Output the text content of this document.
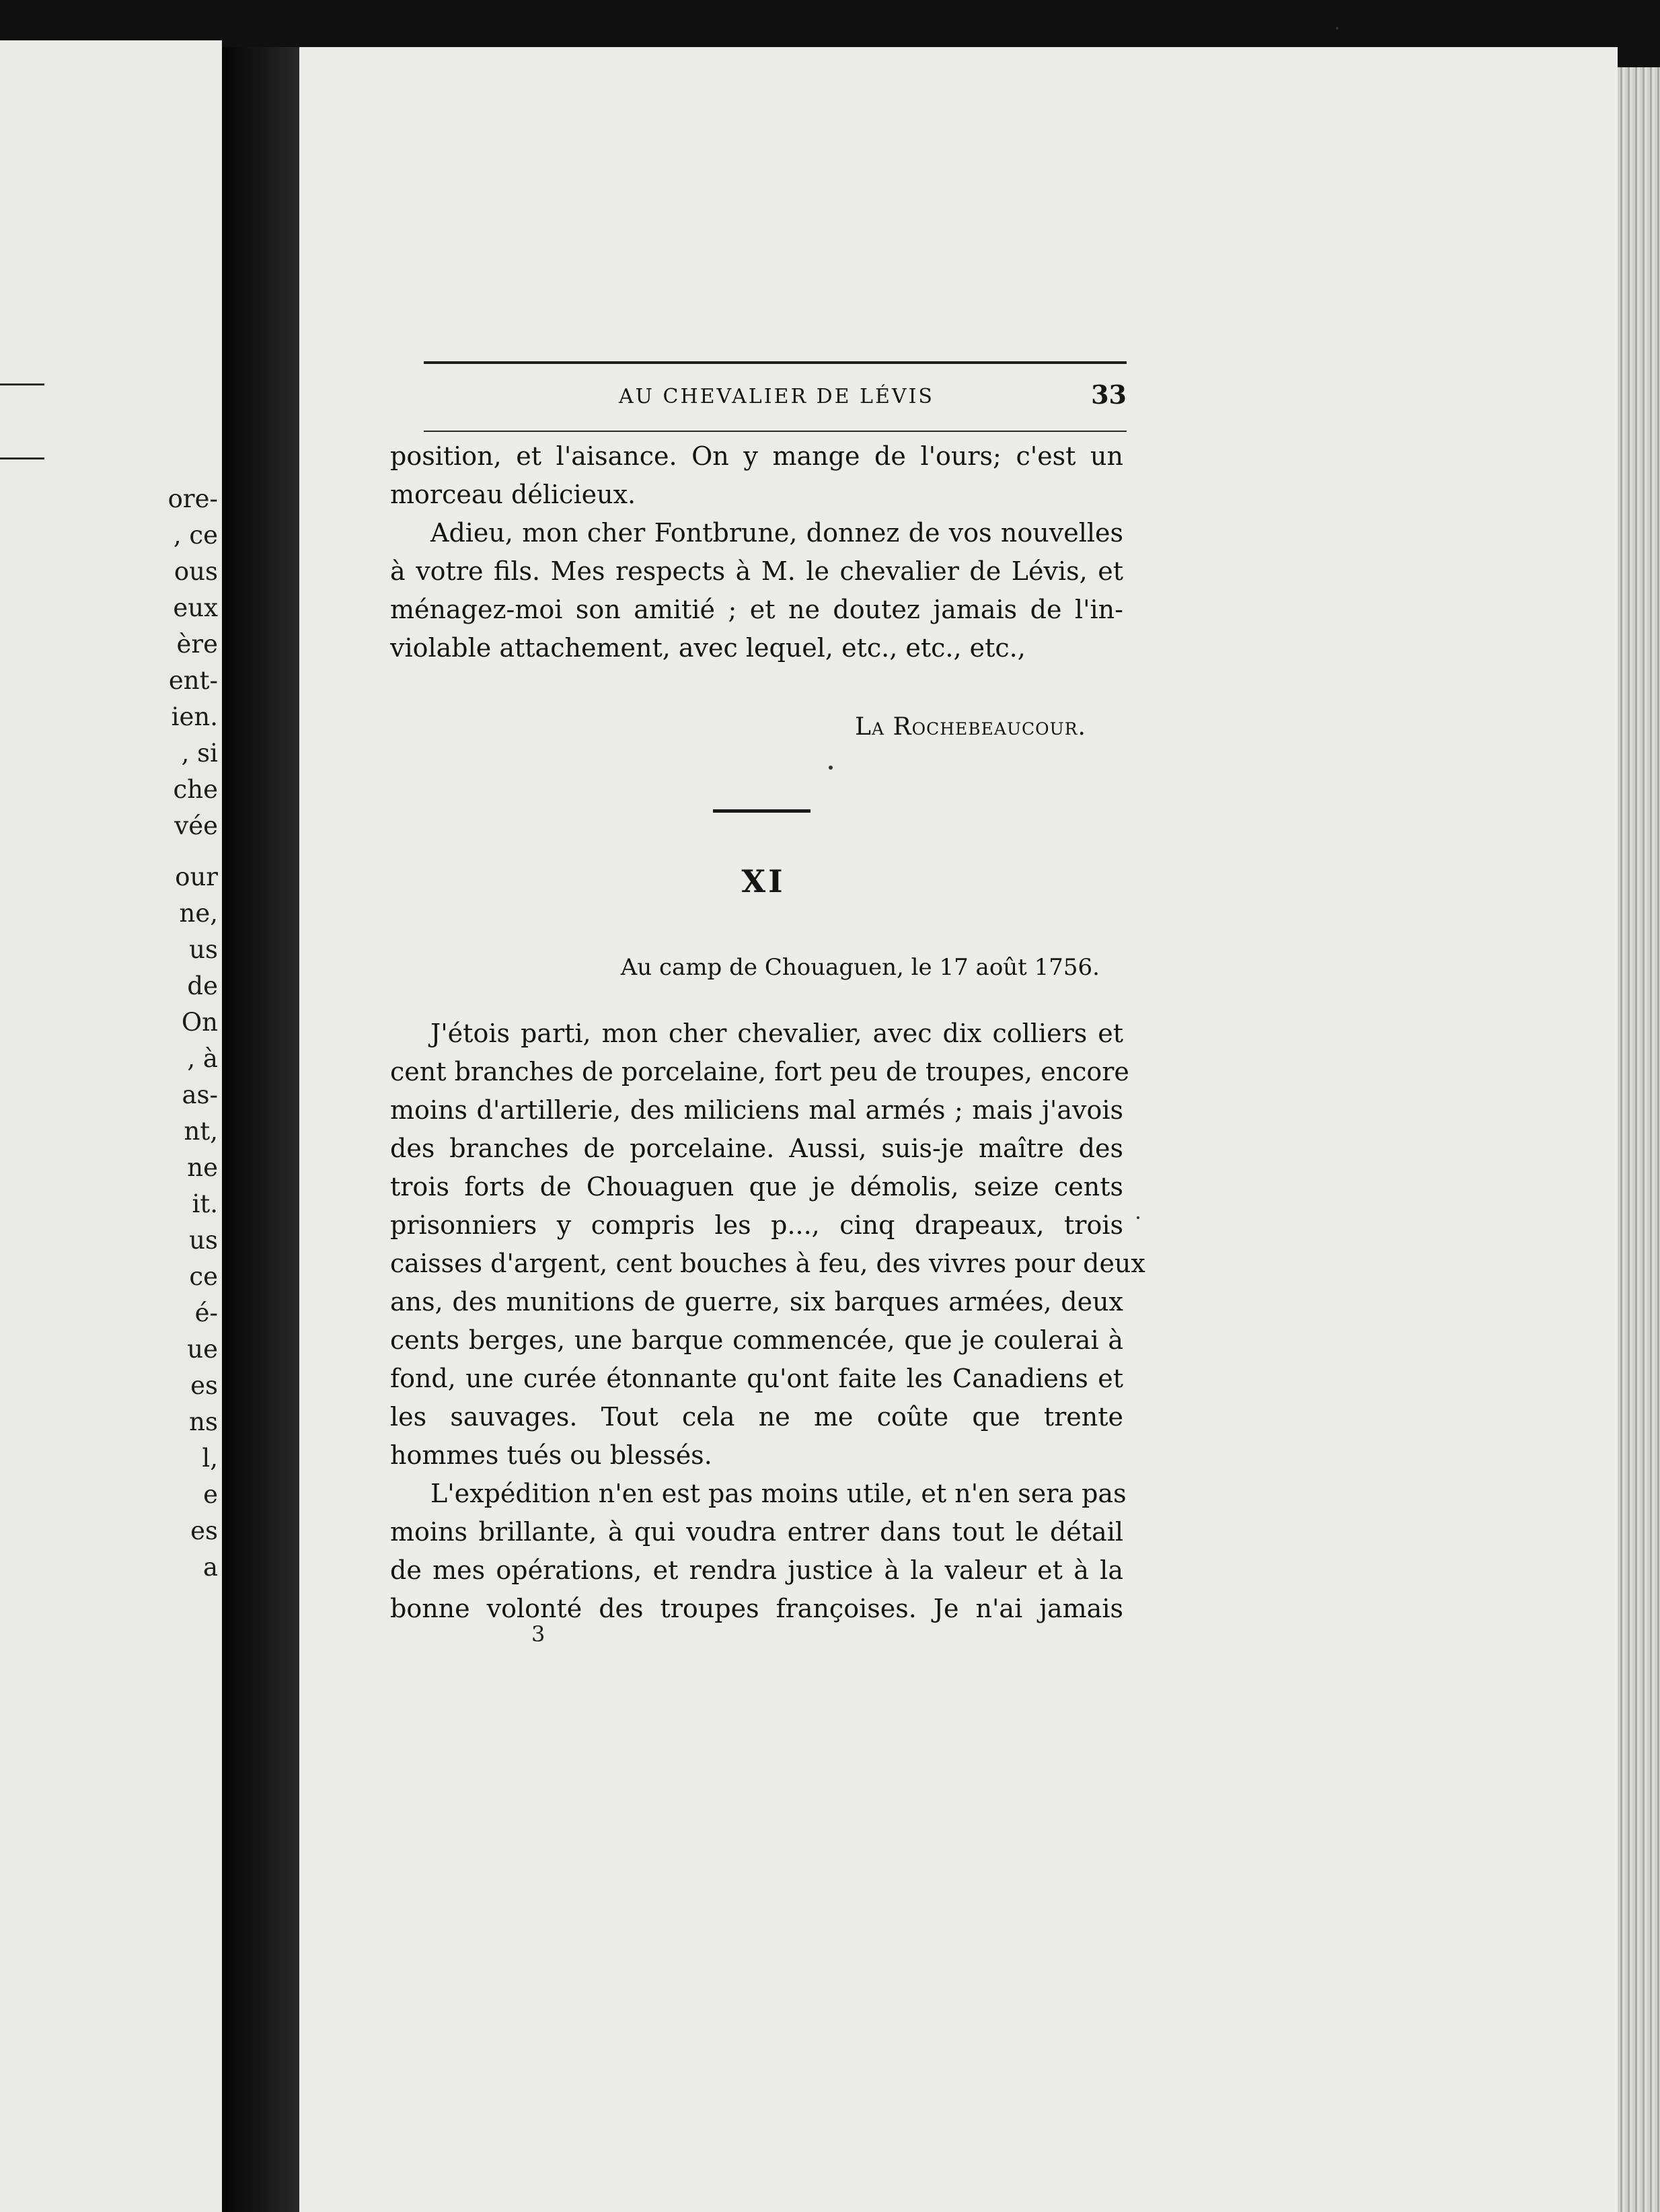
ore-
, ce
ous
eux
ère
ent-
ien.
, si
che
vée
our
ne,
us
de
On
, à
as-
nt,
ne
it.
us
ce
é-
ue
es
ns
l,
e
es
a
AU CHEVALIER DE LÉVIS	33

position, et l'aisance. On y mange de l'ours; c'est un
morceau délicieux.

Adieu, mon cher Fontbrune, donnez de vos nouvelles
à votre fils. Mes respects à M. le chevalier de Lévis, et
ménagez-moi son amitié ; et ne doutez jamais de l'in-
violable attachement, avec lequel, etc., etc., etc.,

La Rochebeaucour.
XI
Au camp de Chouaguen, le 17 août 1756.

J'étois parti, mon cher chevalier, avec dix colliers et
cent branches de porcelaine, fort peu de troupes, encore
moins d'artillerie, des miliciens mal armés ; mais j'avois
des branches de porcelaine. Aussi, suis-je maître des
trois forts de Chouaguen que je démolis, seize cents
prisonniers y compris les p..., cinq drapeaux, trois
caisses d'argent, cent bouches à feu, des vivres pour deux
ans, des munitions de guerre, six barques armées, deux
cents berges, une barque commencée, que je coulerai à
fond, une curée étonnante qu'ont faite les Canadiens et
les sauvages. Tout cela ne me coûte que trente
hommes tués ou blessés.

L'expédition n'en est pas moins utile, et n'en sera pas
moins brillante, à qui voudra entrer dans tout le détail
de mes opérations, et rendra justice à la valeur et à la
bonne volonté des troupes françoises. Je n'ai jamais

3
